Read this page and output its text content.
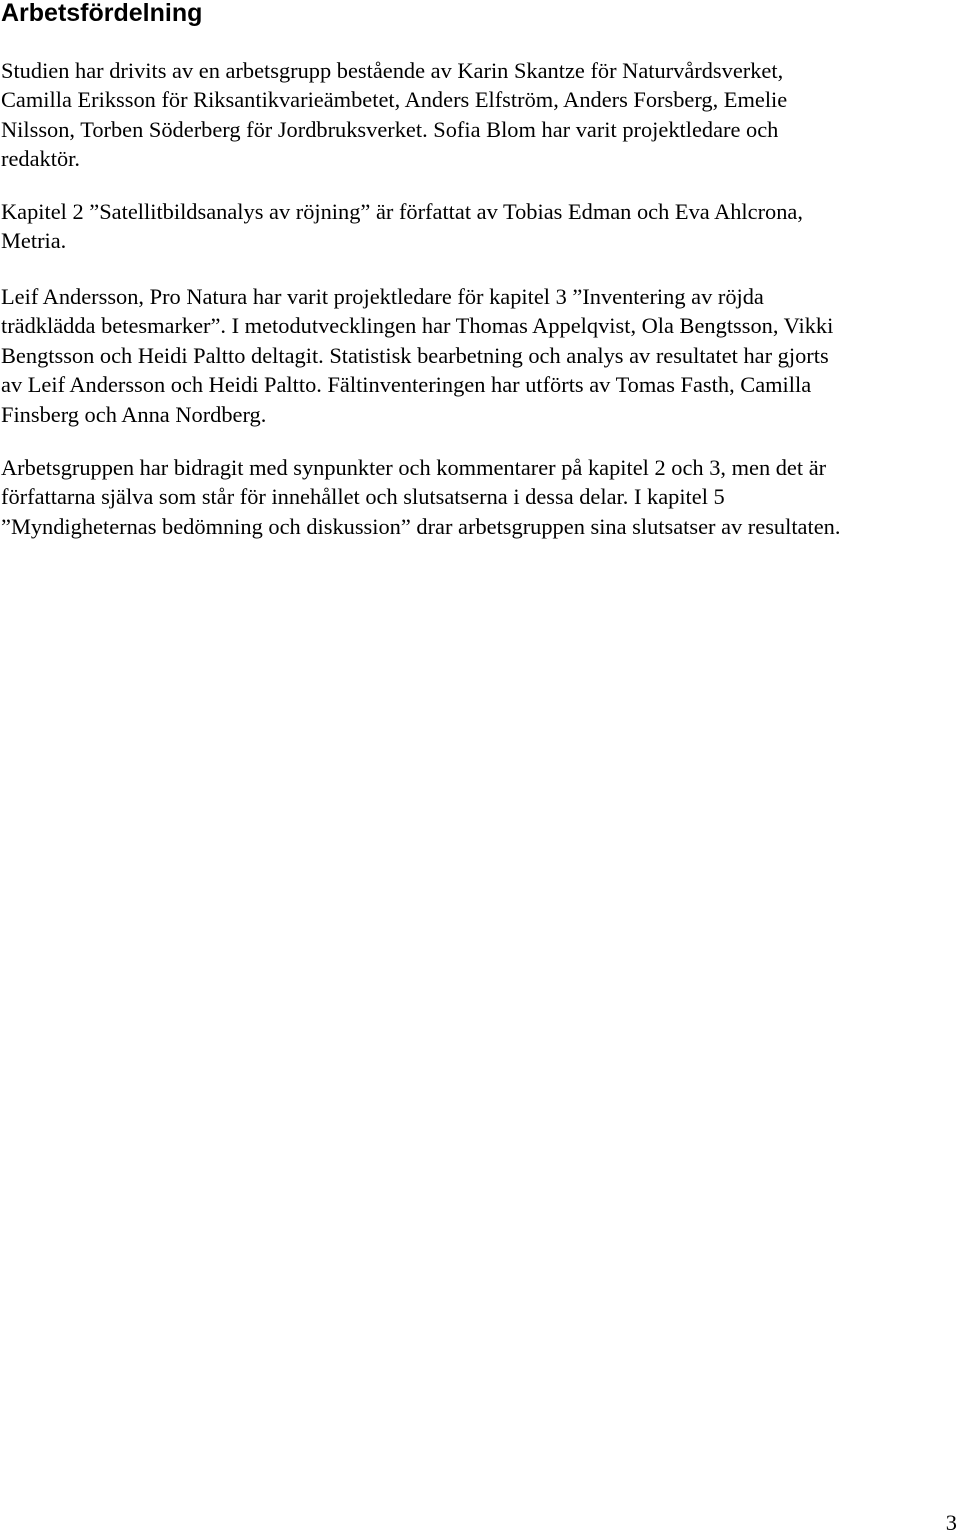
Arbetsfördelning

Studien har drivits av en arbetsgrupp bestående av Karin Skantze för Naturvårdsverket,
Camilla Eriksson för Riksantikvarieämbetet, Anders Elfström, Anders Forsberg, Emelie
Nilsson, Torben Söderberg för Jordbruksverket. Sofia Blom har varit projektledare och
redaktör.

Kapitel 2 ”Satellitbildsanalys av röjning” är författat av Tobias Edman och Eva Ahlcrona,
Metria.

Leif Andersson, Pro Natura har varit projektledare för kapitel 3 ”Inventering av röjda
trädklädda betesmarker”. I metodutvecklingen har Thomas Appelqvist, Ola Bengtsson, Vikki
Bengtsson och Heidi Paltto deltagit. Statistisk bearbetning och analys av resultatet har gjorts
av Leif Andersson och Heidi Paltto. Fältinventeringen har utförts av Tomas Fasth, Camilla
Finsberg och Anna Nordberg.

Arbetsgruppen har bidragit med synpunkter och kommentarer på kapitel 2 och 3, men det är
författarna själva som står för innehållet och slutsatserna i dessa delar. I kapitel 5
”Myndigheternas bedömning och diskussion” drar arbetsgruppen sina slutsatser av resultaten.

3
